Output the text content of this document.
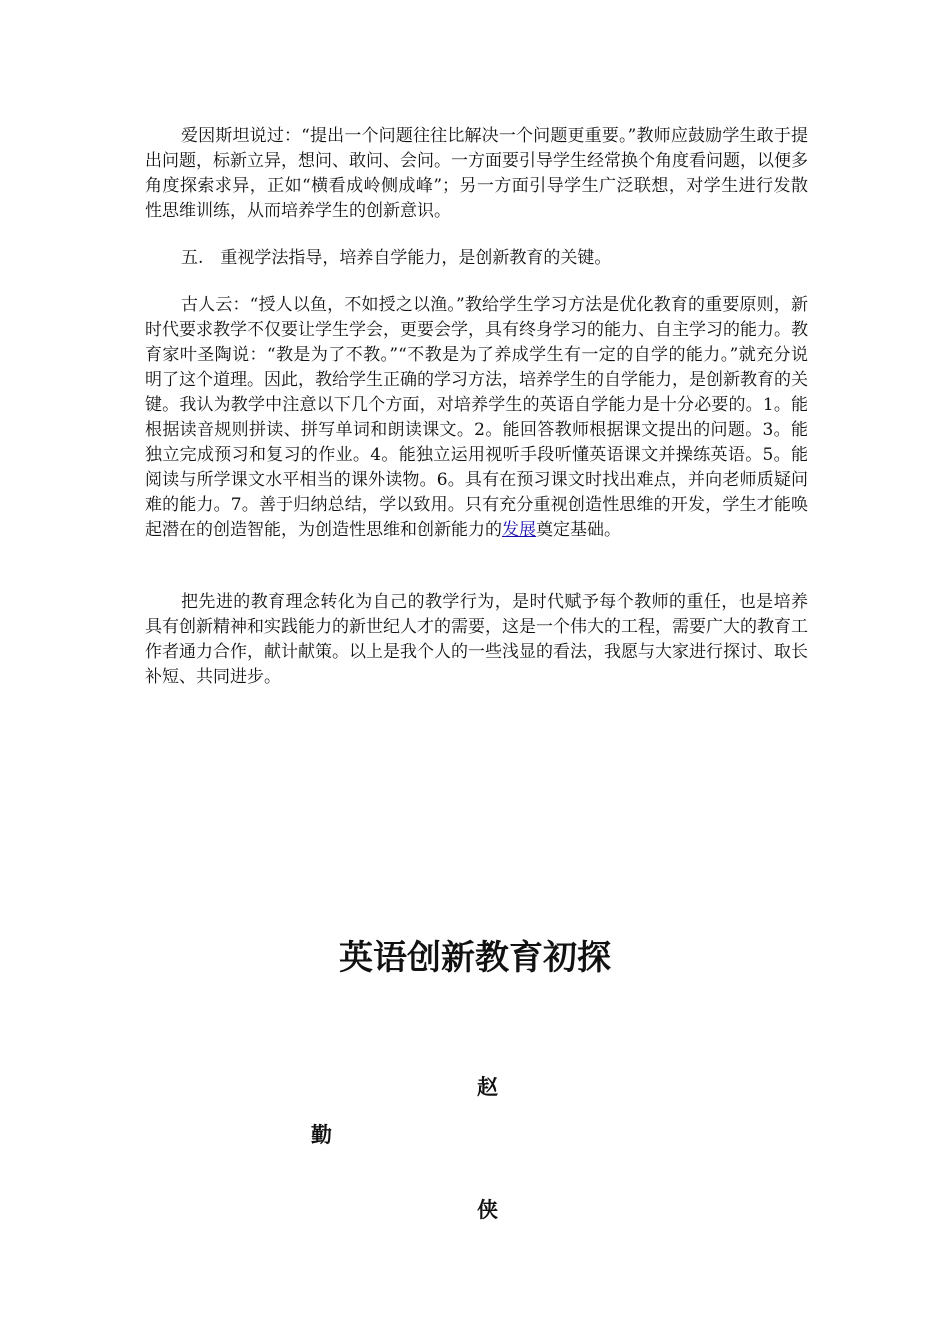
爱因斯坦说过：“提出一个问题往往比解决一个问题更重要。”教师应鼓励学生敢于提出问题，标新立异，想问、敢问、会问。一方面要引导学生经常换个角度看问题，以便多角度探索求异，正如“横看成岭侧成峰”；另一方面引导学生广泛联想，对学生进行发散性思维训练，从而培养学生的创新意识。

五.　重视学法指导，培养自学能力，是创新教育的关键。

古人云：“授人以鱼，不如授之以渔。”教给学生学习方法是优化教育的重要原则，新时代要求教学不仅要让学生学会，更要会学，具有终身学习的能力、自主学习的能力。教育家叶圣陶说：“教是为了不教。”“不教是为了养成学生有一定的自学的能力。”就充分说明了这个道理。因此，教给学生正确的学习方法，培养学生的自学能力，是创新教育的关键。我认为教学中注意以下几个方面，对培养学生的英语自学能力是十分必要的。1。能根据读音规则拼读、拼写单词和朗读课文。2。能回答教师根据课文提出的问题。3。能独立完成预习和复习的作业。4。能独立运用视听手段听懂英语课文并操练英语。5。能阅读与所学课文水平相当的课外读物。6。具有在预习课文时找出难点，并向老师质疑问难的能力。7。善于归纳总结，学以致用。只有充分重视创造性思维的开发，学生才能唤起潜在的创造智能，为创造性思维和创新能力的发展奠定基础。

把先进的教育理念转化为自己的教学行为，是时代赋予每个教师的重任，也是培养具有创新精神和实践能力的新世纪人才的需要，这是一个伟大的工程，需要广大的教育工作者通力合作，献计献策。以上是我个人的一些浅显的看法，我愿与大家进行探讨、取长补短、共同进步。

英语创新教育初探
赵
勤
侠
